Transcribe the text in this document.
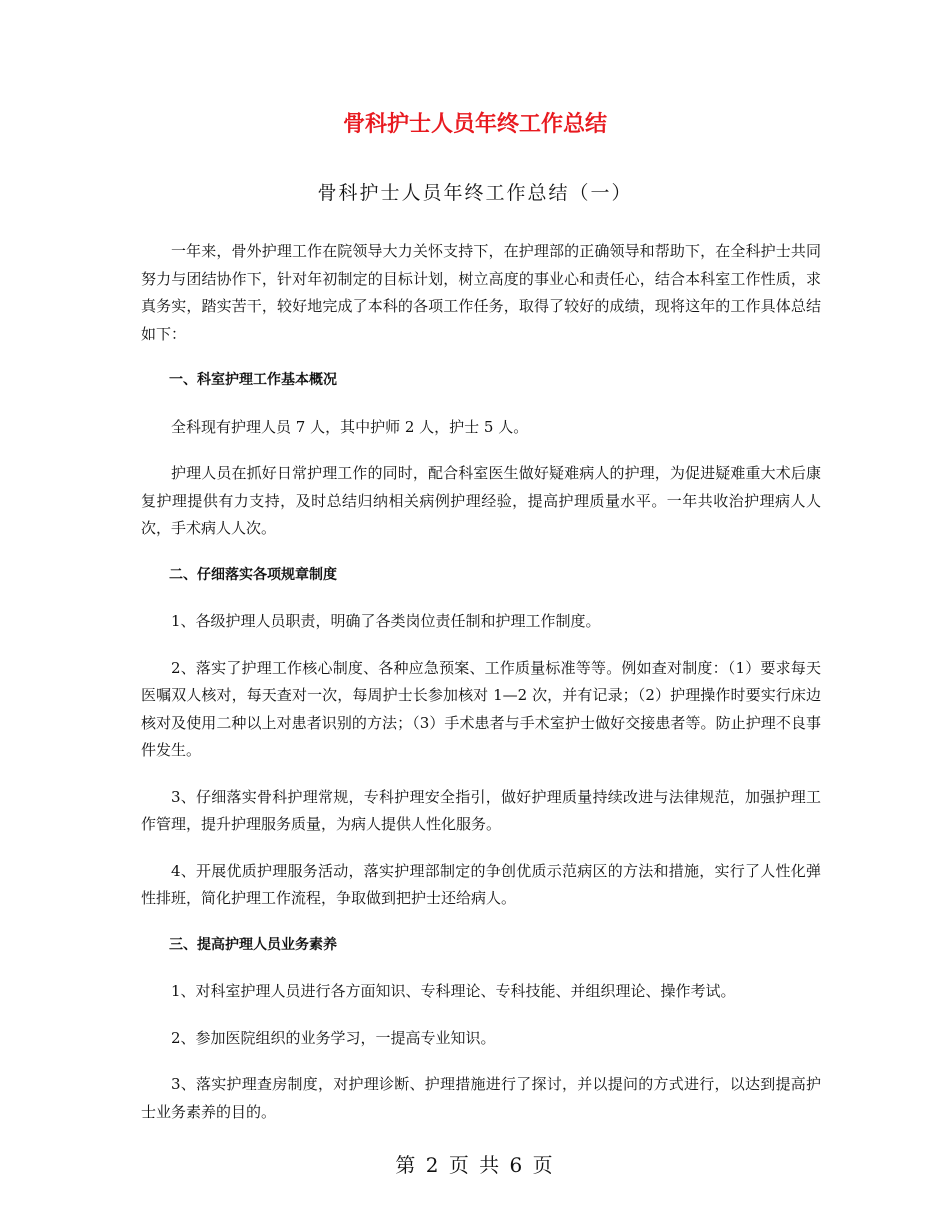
骨科护士人员年终工作总结
骨科护士人员年终工作总结（一）

一年来，骨外护理工作在院领导大力关怀支持下，在护理部的正确领导和帮助下，在全科护士共同努力与团结协作下，针对年初制定的目标计划，树立高度的事业心和责任心，结合本科室工作性质，求真务实，踏实苦干，较好地完成了本科的各项工作任务，取得了较好的成绩，现将这年的工作具体总结如下：

一、科室护理工作基本概况

全科现有护理人员 7 人，其中护师 2 人，护士 5 人。

护理人员在抓好日常护理工作的同时，配合科室医生做好疑难病人的护理，为促进疑难重大术后康复护理提供有力支持，及时总结归纳相关病例护理经验，提高护理质量水平。一年共收治护理病人人次，手术病人人次。

二、仔细落实各项规章制度

1、各级护理人员职责，明确了各类岗位责任制和护理工作制度。

2、落实了护理工作核心制度、各种应急预案、工作质量标准等等。例如查对制度：（1）要求每天医嘱双人核对，每天查对一次，每周护士长参加核对 1—2 次，并有记录；（2）护理操作时要实行床边核对及使用二种以上对患者识别的方法；（3）手术患者与手术室护士做好交接患者等。防止护理不良事件发生。

3、仔细落实骨科护理常规，专科护理安全指引，做好护理质量持续改进与法律规范，加强护理工作管理，提升护理服务质量，为病人提供人性化服务。

4、开展优质护理服务活动，落实护理部制定的争创优质示范病区的方法和措施，实行了人性化弹性排班，简化护理工作流程，争取做到把护士还给病人。

三、提高护理人员业务素养

1、对科室护理人员进行各方面知识、专科理论、专科技能、并组织理论、操作考试。

2、参加医院组织的业务学习，一提高专业知识。

3、落实护理查房制度，对护理诊断、护理措施进行了探讨，并以提问的方式进行，以达到提高护士业务素养的目的。

第 2 页 共 6 页
